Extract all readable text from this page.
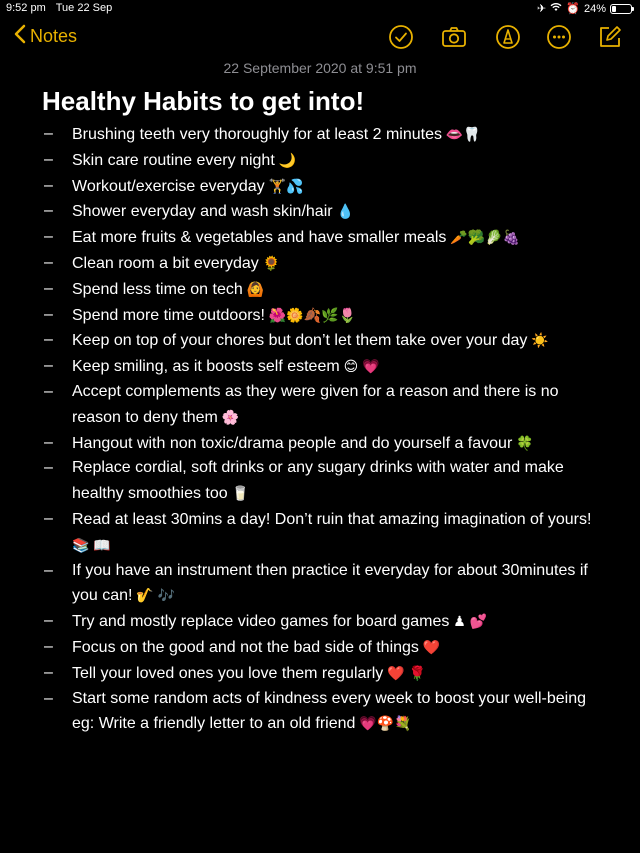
9:52 pm Tue 22 Sep	✈ ⏰ 24%
Notes
22 September 2020 at 9:51 pm
Healthy Habits to get into!
– Brushing teeth very thoroughly for at least 2 minutes 👄🦷
– Skin care routine every night 🌙
– Workout/exercise everyday 🏋💦
– Shower everyday and wash skin/hair 💧
– Eat more fruits & vegetables and have smaller meals 🥕🥦🥬🍇
– Clean room a bit everyday 🌻
– Spend less time on tech 🙆
– Spend more time outdoors! 🌺🌼🍂🌿🌷
– Keep on top of your chores but don’t let them take over your day ☀️
– Keep smiling, as it boosts self esteem 😊 💗
– Accept complements as they were given for a reason and there is no reason to deny them 🌸
– Hangout with non toxic/drama people and do yourself a favour 🍀
– Replace cordial, soft drinks or any sugary drinks with water and make healthy smoothies too 🥛
– Read at least 30mins a day! Don’t ruin that amazing imagination of yours! 📚 📖
– If you have an instrument then practice it everyday for about 30minutes if you can! 🎷 🎶
– Try and mostly replace video games for board games ♟ 💕
– Focus on the good and not the bad side of things ❤️
– Tell your loved ones you love them regularly ❤️ 🌹
– Start some random acts of kindness every week to boost your well-being eg: Write a friendly letter to an old friend 💗🍄💐
